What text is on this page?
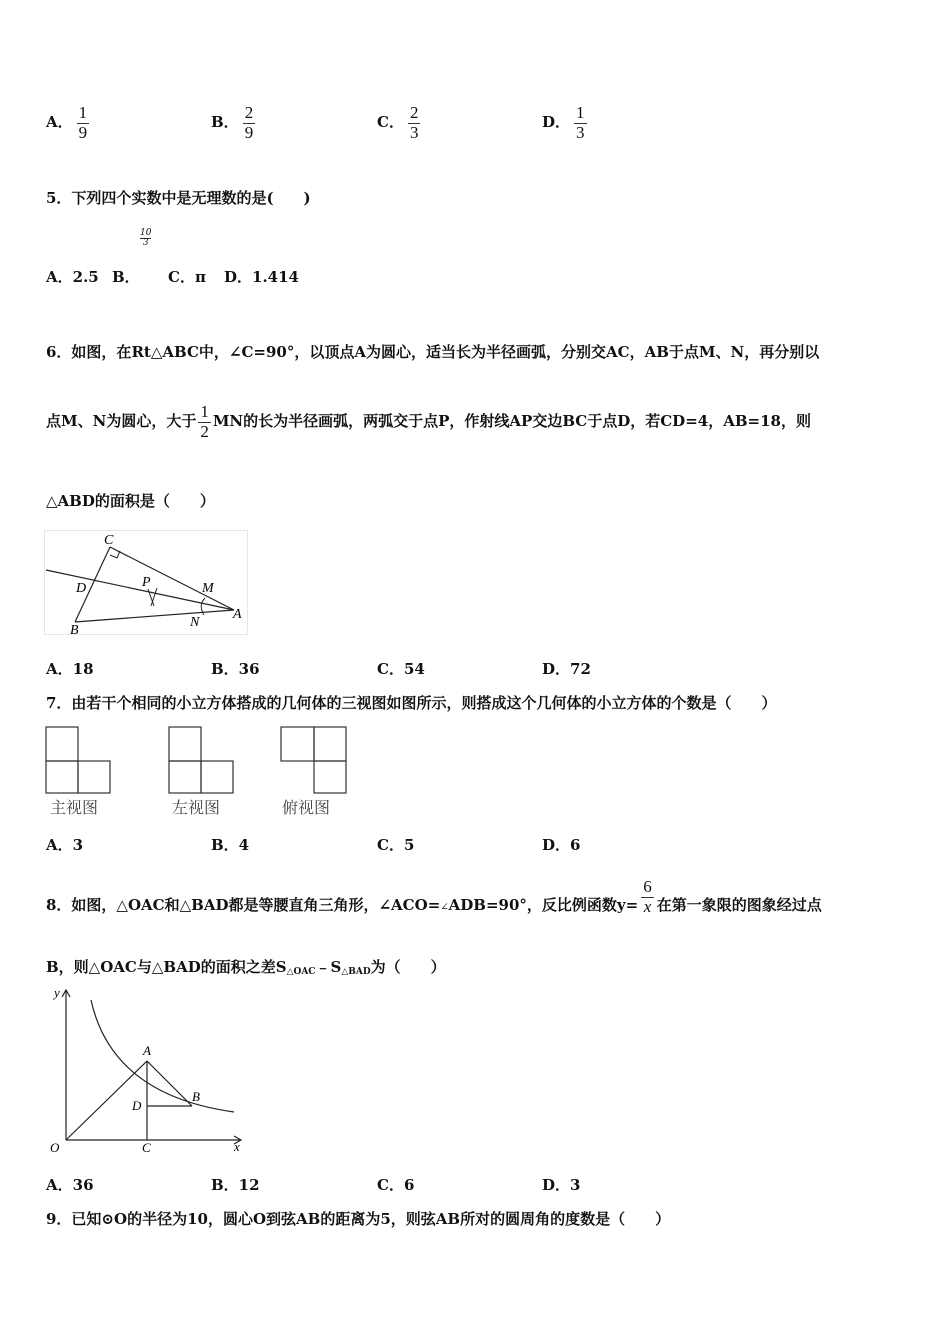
A． $\frac{1}{9}$	B． $\frac{2}{9}$	C． $\frac{2}{3}$	D． $\frac{1}{3}$
5．下列四个实数中是无理数的是(　　)
10
3
A．2.5 B． C．π D．1.414
6．如图，在Rt△ABC中，∠C=90°，以顶点A为圆心，适当长为半径画弧，分别交AC，AB于点M、N，再分别以
点M、N为圆心，大于 $\frac{1}{2}$ MN的长为半径画弧，两弧交于点P，作射线AP交边BC于点D，若CD=4，AB=18，则
△ABD的面积是（　　）
C
D	P	M
B
N
A
A．18	B．36	C．54	D．72
7．由若干个相同的小立方体搭成的几何体的三视图如图所示，则搭成这个几何体的小立方体的个数是（　　）
主视图	左视图	俯视图
A．3	B．4	C．5	D．6
8．如图，△OAC和△BAD都是等腰直角三角形，∠ACO=∠ADB=90°，反比例函数$y= \frac{6}{x}$ 在第一象限的图象经过点
B，则△OAC与△BAD的面积之差$S_{\triangle OAC}﹣S_{\triangle BAD}$为（　　）
y
A
B
D
O	C	x
A．36	B．12	C．6	D．3
9．已知⊙O的半径为10，圆心O到弦AB的距离为5，则弦AB所对的圆周角的度数是（　　）
